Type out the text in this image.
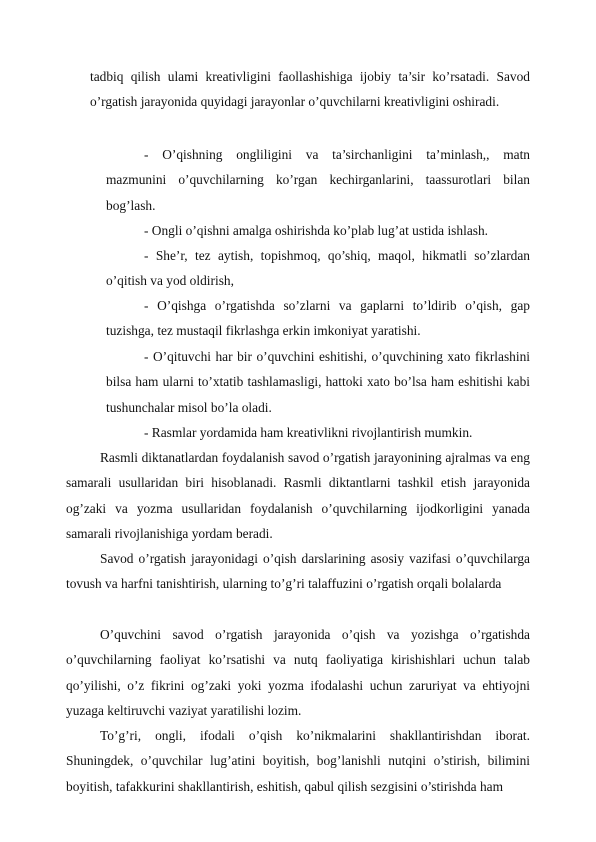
tadbiq qilish ulami kreativligini faollashishiga ijobiy ta’sir ko’rsatadi. Savod o’rgatish jarayonida quyidagi jarayonlar o’quvchilarni kreativligini oshiradi.

- O’qishning ongliligini va ta’sirchanligini ta’minlash,, matn mazmunini o’quvchilarning ko’rgan kechirganlarini, taassurotlari bilan bog’lash.

- Ongli o’qishni amalga oshirishda ko’plab lug’at ustida ishlash.

- She’r, tez aytish, topishmoq, qo’shiq, maqol, hikmatli so’zlardan o’qitish va yod oldirish,

- O’qishga o’rgatishda so’zlarni va gaplarni to’ldirib o’qish, gap tuzishga, tez mustaqil fikrlashga erkin imkoniyat yaratishi.

- O’qituvchi har bir o’quvchini eshitishi, o’quvchining xato fikrlashini bilsa ham ularni to’xtatib tashlamasligi, hattoki xato bo’lsa ham eshitishi kabi tushunchalar misol bo’la oladi.

- Rasmlar yordamida ham kreativlikni rivojlantirish mumkin.

Rasmli diktanatlardan foydalanish savod o’rgatish jarayonining ajralmas va eng samarali usullaridan biri hisoblanadi. Rasmli diktantlarni tashkil etish jarayonida og’zaki va yozma usullaridan foydalanish o’quvchilarning ijodkorligini yanada samarali rivojlanishiga yordam beradi.

Savod o’rgatish jarayonidagi o’qish darslarining asosiy vazifasi o’quvchilarga tovush va harfni tanishtirish, ularning to’g’ri talaffuzini o’rgatish orqali bolalarda

O’quvchini savod o’rgatish jarayonida o’qish va yozishga o’rgatishda o’quvchilarning faoliyat ko’rsatishi va nutq faoliyatiga kirishishlari uchun talab qo’yilishi, o’z fikrini og’zaki yoki yozma ifodalashi uchun zaruriyat va ehtiyojni yuzaga keltiruvchi vaziyat yaratilishi lozim.

To’g’ri, ongli, ifodali o’qish ko’nikmalarini shakllantirishdan iborat. Shuningdek, o’quvchilar lug’atini boyitish, bog’lanishli nutqini o’stirish, bilimini boyitish, tafakkurini shakllantirish, eshitish, qabul qilish sezgisini o’stirishda ham
